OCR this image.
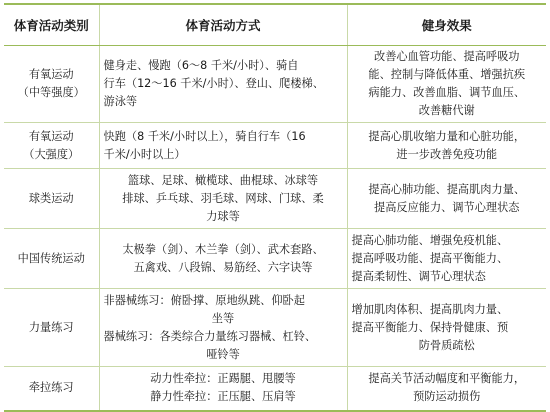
体育活动类别	体育活动方式	健身效果

有氧运动
（中等强度）	健身走、慢跑（6～8 千米/小时）、骑自
行车（12～16 千米/小时）、登山、爬楼梯、
游泳等	改善心血管功能、提高呼吸功
能、控制与降低体重、增强抗疾
病能力、改善血脂、调节血压、
改善糖代谢

有氧运动
（大强度）	快跑（8 千米/小时以上），骑自行车（16
千米/小时以上）	提高心肌收缩力量和心脏功能，
进一步改善免疫功能

球类运动	篮球、足球、橄榄球、曲棍球、冰球等
排球、乒乓球、羽毛球、网球、门球、柔
力球等	提高心肺功能、提高肌肉力量、
提高反应能力、调节心理状态

中国传统运动	太极拳（剑）、木兰拳（剑）、武术套路、
五禽戏、八段锦、易筋经、六字诀等	提高心肺功能、增强免疫机能、
提高呼吸功能、提高平衡能力、
提高柔韧性、调节心理状态

力量练习	非器械练习：俯卧撑、原地纵跳、仰卧起
坐等
器械练习：各类综合力量练习器械、杠铃、
哑铃等	增加肌肉体积、提高肌肉力量、
提高平衡能力、保持骨健康、预
防骨质疏松

牵拉练习	动力性牵拉：正踢腿、甩腰等
静力性牵拉：正压腿、压肩等	提高关节活动幅度和平衡能力，
预防运动损伤
